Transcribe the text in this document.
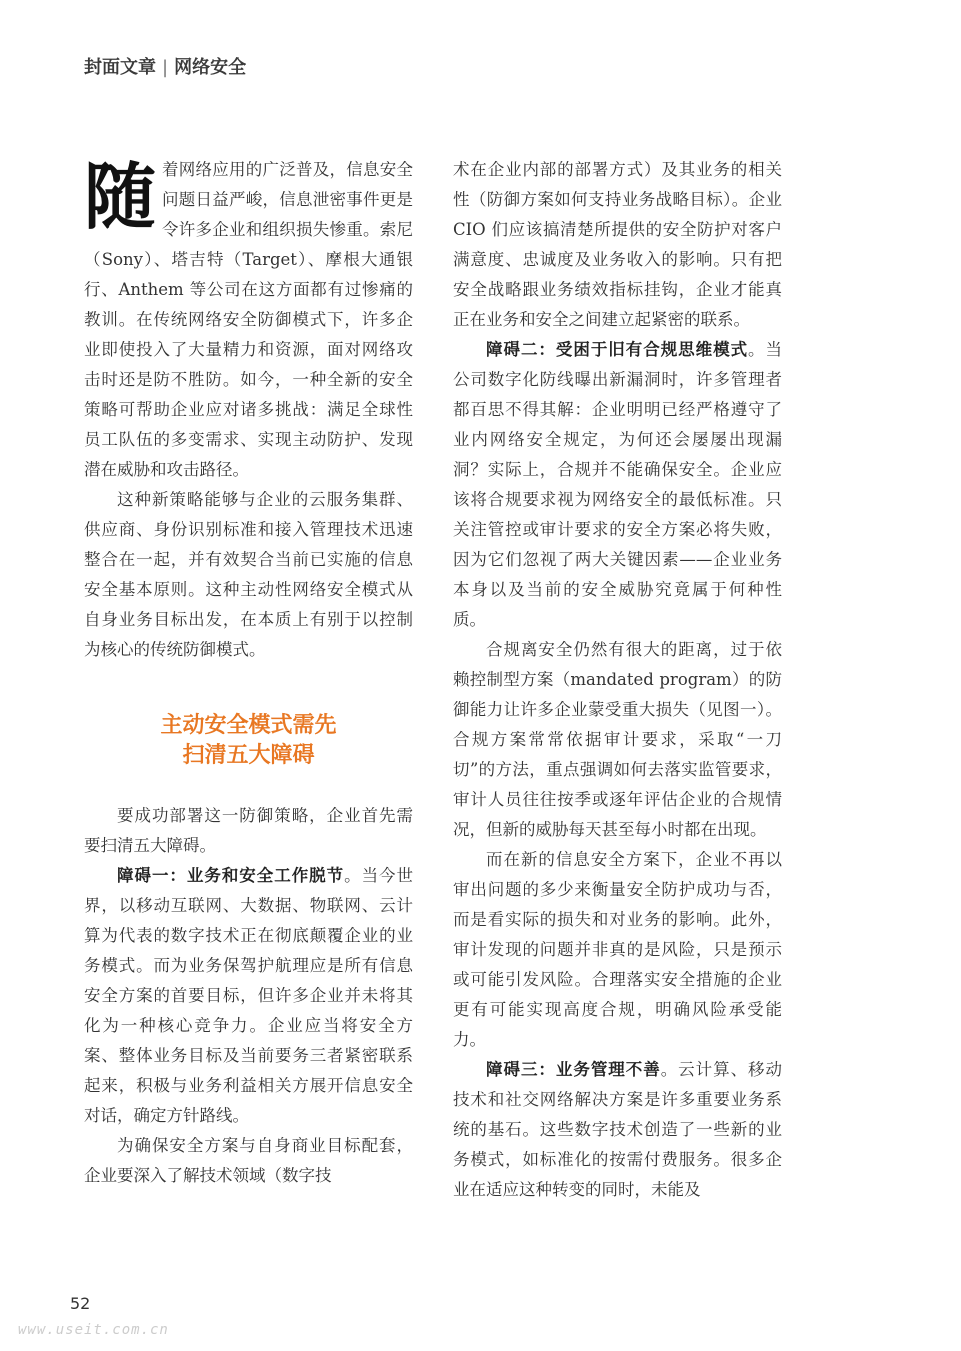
封面文章 | 网络安全

随着网络应用的广泛普及，信息安全问题日益严峻，信息泄密事件更是令许多企业和组织损失惨重。索尼（Sony）、塔吉特（Target）、摩根大通银行、Anthem 等公司在这方面都有过惨痛的教训。在传统网络安全防御模式下，许多企业即使投入了大量精力和资源，面对网络攻击时还是防不胜防。如今，一种全新的安全策略可帮助企业应对诸多挑战：满足全球性员工队伍的多变需求、实现主动防护、发现潜在威胁和攻击路径。

这种新策略能够与企业的云服务集群、供应商、身份识别标准和接入管理技术迅速整合在一起，并有效契合当前已实施的信息安全基本原则。这种主动性网络安全模式从自身业务目标出发，在本质上有别于以控制为核心的传统防御模式。

主动安全模式需先
扫清五大障碍

要成功部署这一防御策略，企业首先需要扫清五大障碍。

障碍一：业务和安全工作脱节。当今世界，以移动互联网、大数据、物联网、云计算为代表的数字技术正在彻底颠覆企业的业务模式。而为业务保驾护航理应是所有信息安全方案的首要目标，但许多企业并未将其化为一种核心竞争力。企业应当将安全方案、整体业务目标及当前要务三者紧密联系起来，积极与业务利益相关方展开信息安全对话，确定方针路线。

为确保安全方案与自身商业目标配套，企业要深入了解技术领域（数字技

术在企业内部的部署方式）及其业务的相关性（防御方案如何支持业务战略目标）。企业 CIO 们应该搞清楚所提供的安全防护对客户满意度、忠诚度及业务收入的影响。只有把安全战略跟业务绩效指标挂钩，企业才能真正在业务和安全之间建立起紧密的联系。

障碍二：受困于旧有合规思维模式。当公司数字化防线曝出新漏洞时，许多管理者都百思不得其解：企业明明已经严格遵守了业内网络安全规定，为何还会屡屡出现漏洞？实际上，合规并不能确保安全。企业应该将合规要求视为网络安全的最低标准。只关注管控或审计要求的安全方案必将失败，因为它们忽视了两大关键因素——企业业务本身以及当前的安全威胁究竟属于何种性质。

合规离安全仍然有很大的距离，过于依赖控制型方案（mandated program）的防御能力让许多企业蒙受重大损失（见图一）。合规方案常常依据审计要求，采取“一刀切”的方法，重点强调如何去落实监管要求，审计人员往往按季或逐年评估企业的合规情况，但新的威胁每天甚至每小时都在出现。

而在新的信息安全方案下，企业不再以审出问题的多少来衡量安全防护成功与否，而是看实际的损失和对业务的影响。此外，审计发现的问题并非真的是风险，只是预示或可能引发风险。合理落实安全措施的企业更有可能实现高度合规，明确风险承受能力。

障碍三：业务管理不善。云计算、移动技术和社交网络解决方案是许多重要业务系统的基石。这些数字技术创造了一些新的业务模式，如标准化的按需付费服务。很多企业在适应这种转变的同时，未能及

52
www.useit.com.cn
